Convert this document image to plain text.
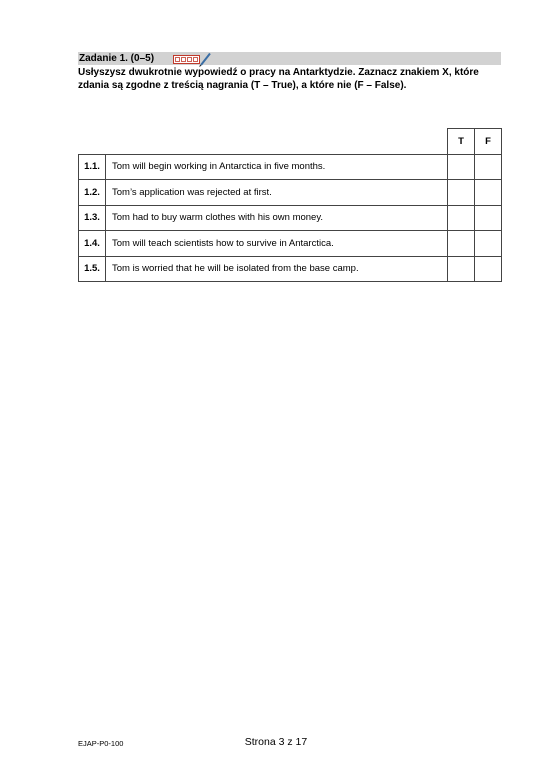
Zadanie 1. (0–5)
Usłyszysz dwukrotnie wypowiedź o pracy na Antarktydzie. Zaznacz znakiem X, które zdania są zgodne z treścią nagrania (T – True), a które nie (F – False).
		T	F
1.1.	Tom will begin working in Antarctica in five months.		
1.2.	Tom’s application was rejected at first.		
1.3.	Tom had to buy warm clothes with his own money.		
1.4.	Tom will teach scientists how to survive in Antarctica.		
1.5.	Tom is worried that he will be isolated from the base camp.		
EJAP-P0-100	Strona 3 z 17
